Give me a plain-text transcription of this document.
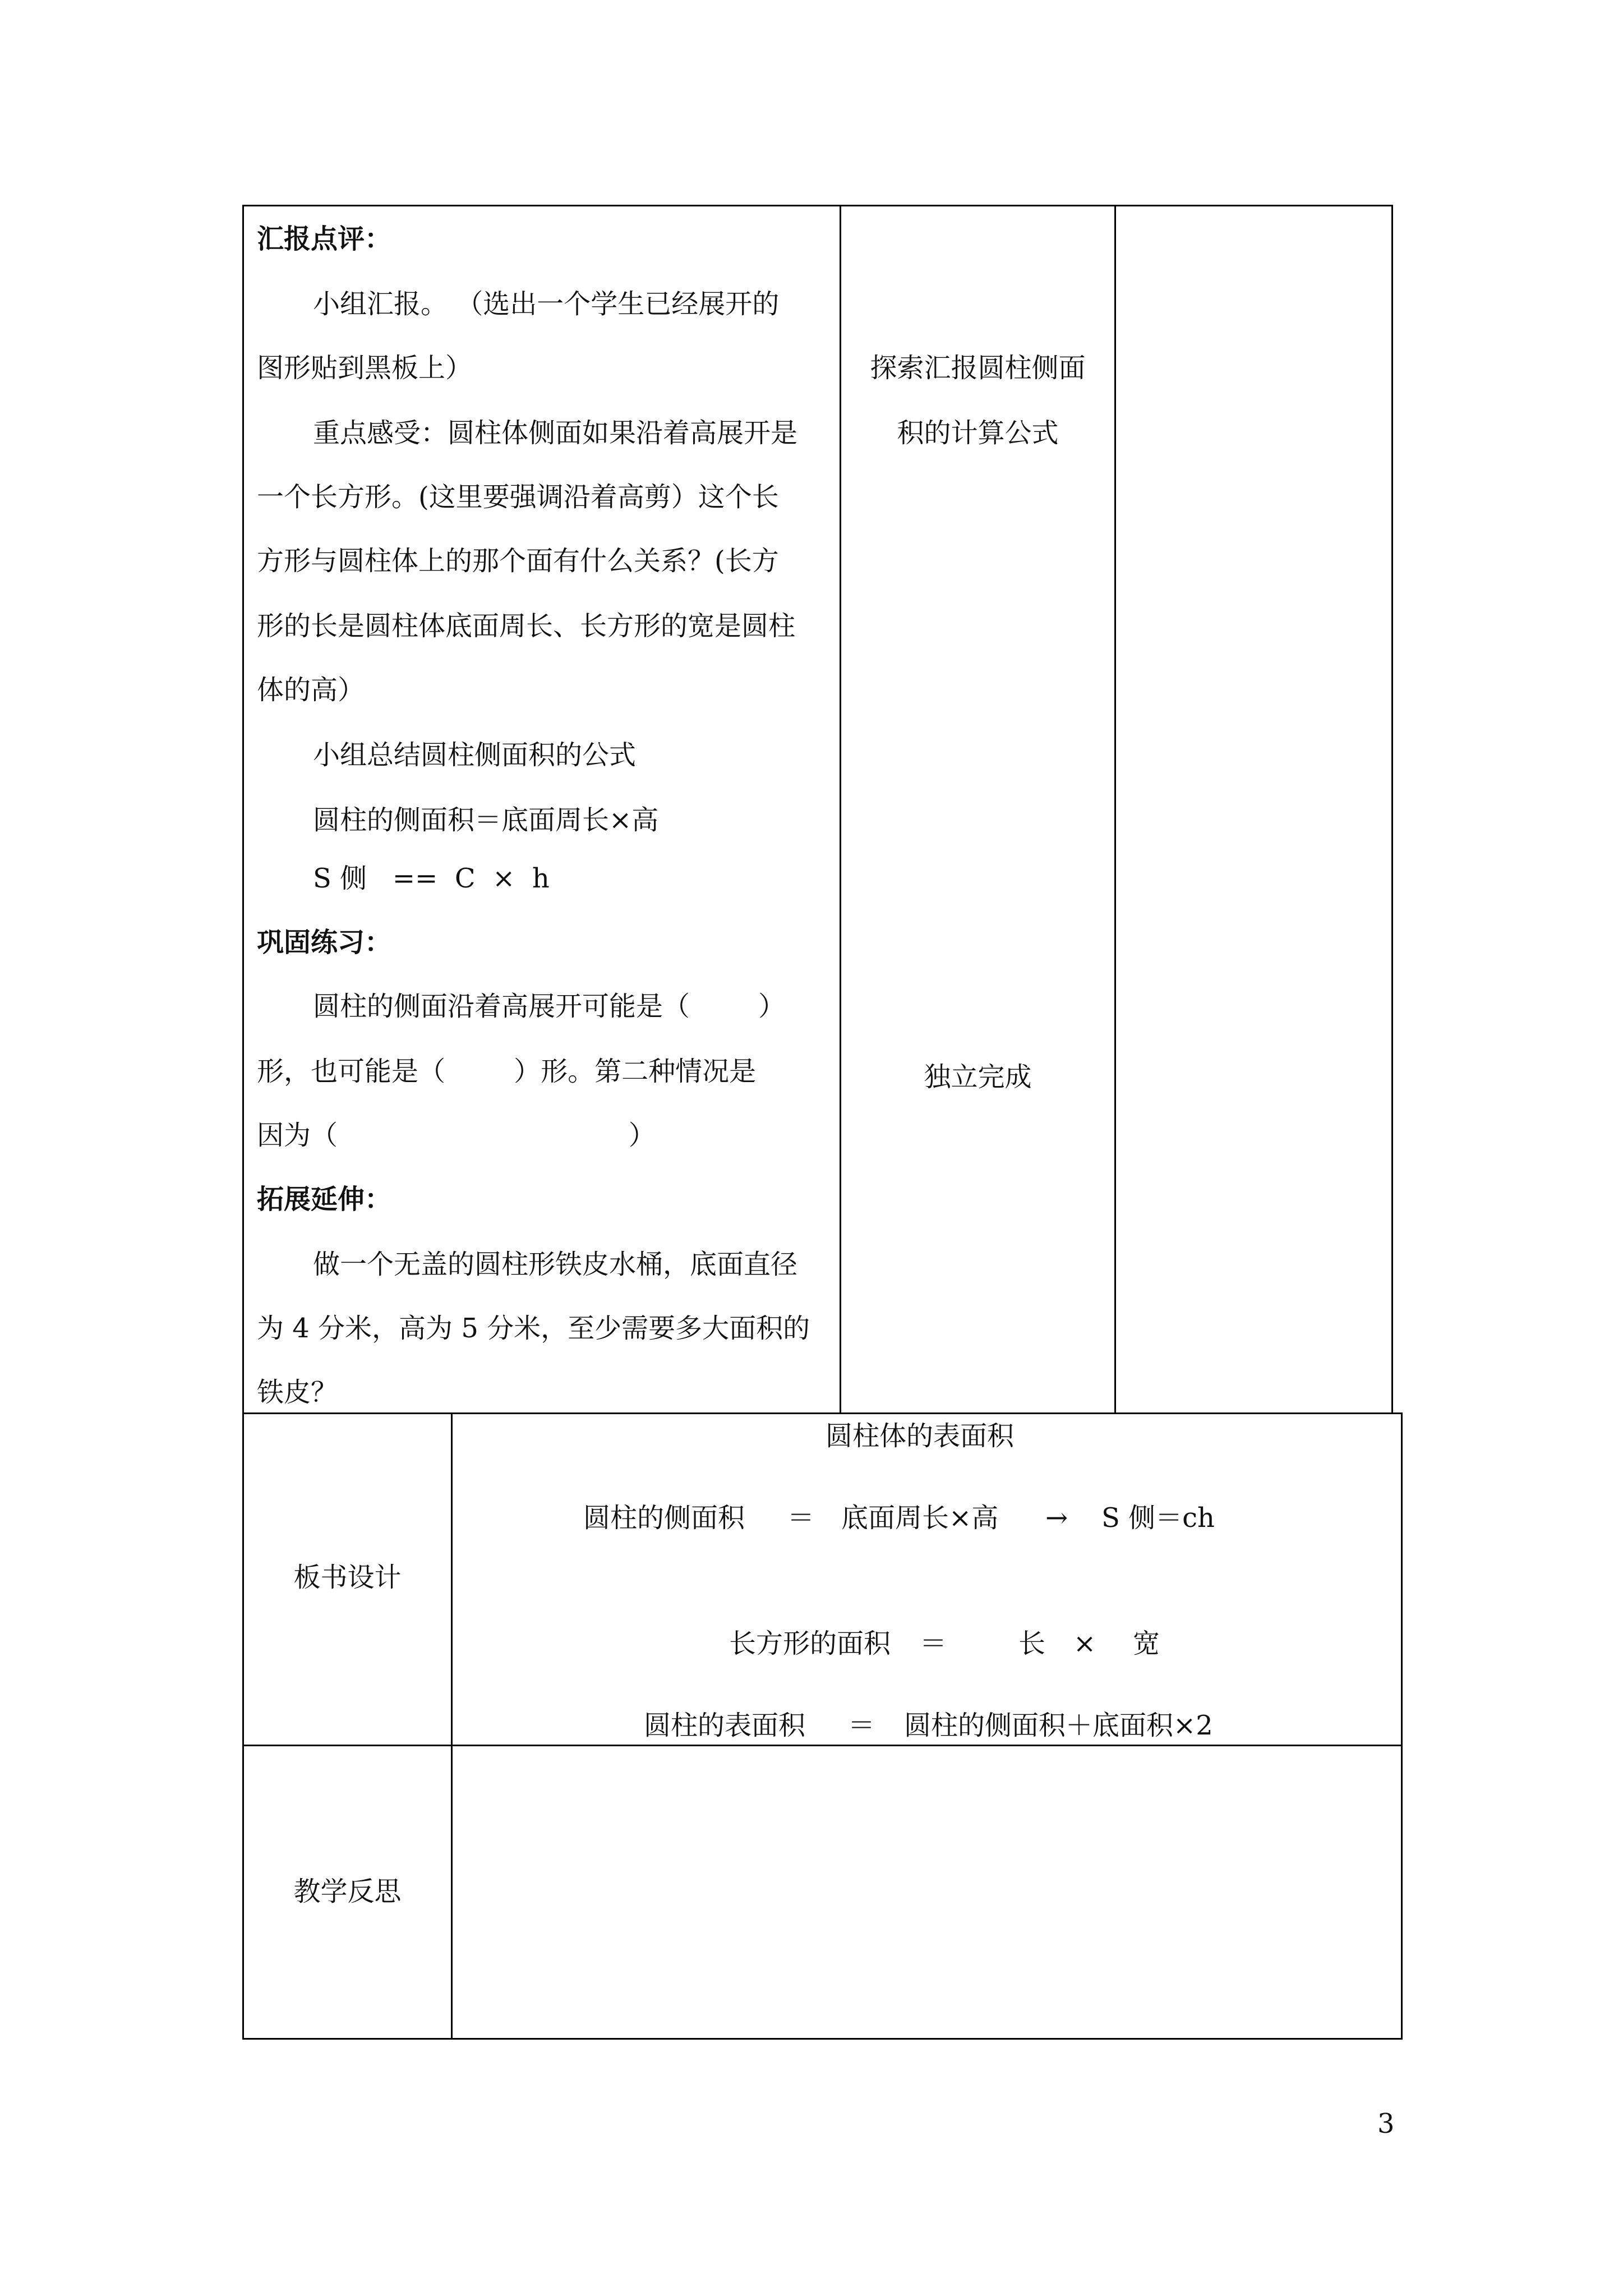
汇报点评：
小组汇报。 （选出一个学生已经展开的
图形贴到黑板上）
重点感受：圆柱体侧面如果沿着高展开是
一个长方形。(这里要强调沿着高剪）这个长
方形与圆柱体上的那个面有什么关系？(长方
形的长是圆柱体底面周长、长方形的宽是圆柱
体的高）
小组总结圆柱侧面积的公式
圆柱的侧面积＝底面周长×高
S 侧   ==  C  ×  h
巩固练习：
圆柱的侧面沿着高展开可能是（        ）
形，也可能是（        ）形。第二种情况是
因为（                                  ）
拓展延伸：
做一个无盖的圆柱形铁皮水桶，底面直径
为 4 分米，高为 5 分米，至少需要多大面积的
铁皮？
探索汇报圆柱侧面
积的计算公式
独立完成
板书设计
圆柱体的表面积
圆柱的侧面积 ＝ 底面周长×高 → S 侧＝ch
长方形的面积 ＝	长 × 宽
圆柱的表面积 ＝ 圆柱的侧面积＋底面积×2
教学反思
3
